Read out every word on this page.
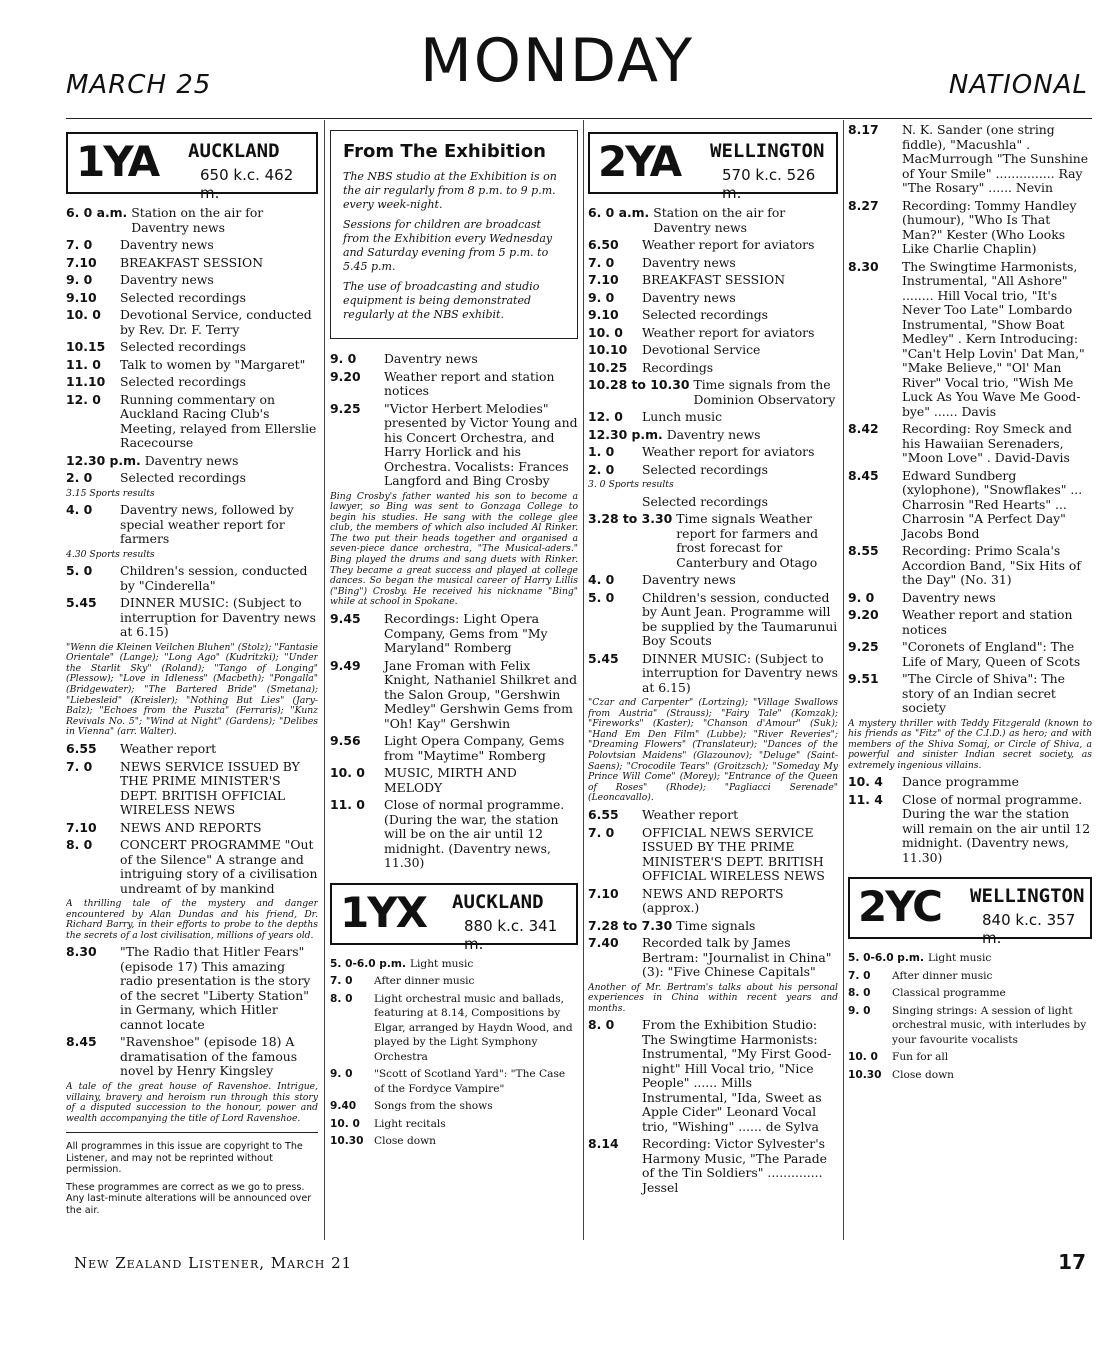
MARCH 25	MONDAY	NATIONAL
1YA AUCKLAND
650 k.c. 462 m.
6. 0 a.m. Station on the air for Daventry news
7. 0	Daventry news
7.10	BREAKFAST SESSION
9. 0	Daventry news
9.10	Selected recordings
10. 0	Devotional Service, conducted by Rev. Dr. F. Terry
10.15	Selected recordings
11. 0	Talk to women by "Margaret"
11.10	Selected recordings
12. 0	Running commentary on Auckland Racing Club's Meeting, relayed from Ellerslie Racecourse
12.30 p.m. Daventry news
2. 0	Selected recordings
3.15 Sports results
4. 0	Daventry news, followed by special weather report for farmers
4.30 Sports results
5. 0	Children's session, conducted by "Cinderella"
5.45	DINNER MUSIC: (Subject to interruption for Daventry news at 6.15)
"Wenn die Kleinen Veilchen Bluhen" (Stolz); "Fantasie Orientale" (Lange); "Long Ago" (Kudritzki); "Under the Starlit Sky" (Roland); "Tango of Longing" (Plessow); "Love in Idleness" (Macbeth); "Pongalla" (Bridgewater); "The Bartered Bride" (Smetana); "Liebesleid" (Kreisler); "Nothing But Lies" (Jary-Balz); "Echoes from the Puszta" (Ferraris); "Kunz Revivals No. 5"; "Wind at Night" (Gardens); "Delibes in Vienna" (arr. Walter).
6.55	Weather report
7. 0	NEWS SERVICE ISSUED BY THE PRIME MINISTER'S DEPT. BRITISH OFFICIAL WIRELESS NEWS
7.10	NEWS AND REPORTS
8. 0	CONCERT PROGRAMME "Out of the Silence" A strange and intriguing story of a civilisation undreamt of by mankind
A thrilling tale of the mystery and danger encountered by Alan Dundas and his friend, Dr. Richard Barry, in their efforts to probe to the depths the secrets of a lost civilisation, millions of years old.
8.30	"The Radio that Hitler Fears" (episode 17) This amazing radio presentation is the story of the secret "Liberty Station" in Germany, which Hitler cannot locate
8.45	"Ravenshoe" (episode 18) A dramatisation of the famous novel by Henry Kingsley
A tale of the great house of Ravenshoe. Intrigue, villainy, bravery and heroism run through this story of a disputed succession to the honour, power and wealth accompanying the title of Lord Ravenshoe.
All programmes in this issue are copyright to The Listener, and may not be reprinted without permission.
These programmes are correct as we go to press. Any last-minute alterations will be announced over the air.
From The Exhibition

The NBS studio at the Exhibition is on the air regularly from 8 p.m. to 9 p.m. every week-night.

Sessions for children are broadcast from the Exhibition every Wednesday and Saturday evening from 5 p.m. to 5.45 p.m.

The use of broadcasting and studio equipment is being demonstrated regularly at the NBS exhibit.

9. 0	Daventry news
9.20	Weather report and station notices
9.25	"Victor Herbert Melodies" presented by Victor Young and his Concert Orchestra, and Harry Horlick and his Orchestra. Vocalists: Frances Langford and Bing Crosby
Bing Crosby's father wanted his son to become a lawyer, so Bing was sent to Gonzaga College to begin his studies. He sang with the college glee club, the members of which also included Al Rinker. The two put their heads together and organised a seven-piece dance orchestra, "The Musical-aders." Bing played the drums and sang duets with Rinker. They became a great success and played at college dances. So began the musical career of Harry Lillis ("Bing") Crosby. He received his nickname "Bing" while at school in Spokane.
9.45	Recordings: Light Opera Company, Gems from "My Maryland" Romberg
9.49	Jane Froman with Felix Knight, Nathaniel Shilkret and the Salon Group, "Gershwin Medley" Gershwin Gems from "Oh! Kay" Gershwin
9.56	Light Opera Company, Gems from "Maytime" Romberg
10. 0	MUSIC, MIRTH AND MELODY
11. 0	Close of normal programme. (During the war, the station will be on the air until 12 midnight. (Daventry news, 11.30)
1YX AUCKLAND
880 k.c. 341 m.
5. 0-6.0 p.m. Light music
7. 0	After dinner music
8. 0	Light orchestral music and ballads, featuring at 8.14, Compositions by Elgar, arranged by Haydn Wood, and played by the Light Symphony Orchestra
9. 0	"Scott of Scotland Yard": "The Case of the Fordyce Vampire"
9.40	Songs from the shows
10. 0	Light recitals
10.30 Close down
2YA WELLINGTON
570 k.c. 526 m.
6. 0 a.m. Station on the air for Daventry news
6.50	Weather report for aviators
7. 0	Daventry news
7.10	BREAKFAST SESSION
9. 0	Daventry news
9.10	Selected recordings
10. 0	Weather report for aviators
10.10	Devotional Service
10.25	Recordings
10.28 to 10.30 Time signals from the Dominion Observatory
12. 0	Lunch music
12.30 p.m. Daventry news
1. 0	Weather report for aviators
2. 0	Selected recordings
3. 0 Sports results
Selected recordings
3.28 to 3.30 Time signals Weather report for farmers and frost forecast for Canterbury and Otago
4. 0	Daventry news
5. 0	Children's session, conducted by Aunt Jean. Programme will be supplied by the Taumarunui Boy Scouts
5.45	DINNER MUSIC: (Subject to interruption for Daventry news at 6.15)
"Czar and Carpenter" (Lortzing); "Village Swallows from Austria" (Strauss); "Fairy Tale" (Komzak); "Fireworks" (Kaster); "Chanson d'Amour" (Suk); "Hand Em Den Film" (Lubbe); "River Reveries"; "Dreaming Flowers" (Translateur); "Dances of the Polovtsian Maidens" (Glazounov); "Deluge" (Saint-Saens); "Crocodile Tears" (Groitzsch); "Someday My Prince Will Come" (Morey); "Entrance of the Queen of Roses" (Rhode); "Pagliacci Serenade" (Leoncavallo).
6.55	Weather report
7. 0	OFFICIAL NEWS SERVICE ISSUED BY THE PRIME MINISTER'S DEPT. BRITISH OFFICIAL WIRELESS NEWS
7.10	NEWS AND REPORTS (approx.)
7.28 to 7.30 Time signals
7.40	Recorded talk by James Bertram: "Journalist in China" (3): "Five Chinese Capitals"
Another of Mr. Bertram's talks about his personal experiences in China within recent years and months.
8. 0	From the Exhibition Studio: The Swingtime Harmonists: Instrumental, "My First Good-night" Hill Vocal trio, "Nice People" ...... Mills Instrumental, "Ida, Sweet as Apple Cider" Leonard Vocal trio, "Wishing" ...... de Sylva
8.14	Recording: Victor Sylvester's Harmony Music, "The Parade of the Tin Soldiers" .............. Jessel
8.17	N. K. Sander (one string fiddle), "Macushla" . MacMurrough "The Sunshine of Your Smile" ............... Ray "The Rosary" ...... Nevin
8.27	Recording: Tommy Handley (humour), "Who Is That Man?" Kester (Who Looks Like Charlie Chaplin)
8.30	The Swingtime Harmonists, Instrumental, "All Ashore" ........ Hill Vocal trio, "It's Never Too Late" Lombardo Instrumental, "Show Boat Medley" . Kern Introducing: "Can't Help Lovin' Dat Man," "Make Believe," "Ol' Man River" Vocal trio, "Wish Me Luck As You Wave Me Good-bye" ...... Davis
8.42	Recording: Roy Smeck and his Hawaiian Serenaders, "Moon Love" . David-Davis
8.45	Edward Sundberg (xylophone), "Snowflakes" ... Charrosin "Red Hearts" ... Charrosin "A Perfect Day" Jacobs Bond
8.55	Recording: Primo Scala's Accordion Band, "Six Hits of the Day" (No. 31)
9. 0	Daventry news
9.20	Weather report and station notices
9.25	"Coronets of England": The Life of Mary, Queen of Scots
9.51	"The Circle of Shiva": The story of an Indian secret society
A mystery thriller with Teddy Fitzgerald (known to his friends as "Fitz" of the C.I.D.) as hero; and with members of the Shiva Somaj, or Circle of Shiva, a powerful and sinister Indian secret society, as extremely ingenious villains.
10. 4	Dance programme
11. 4	Close of normal programme. During the war the station will remain on the air until 12 midnight. (Daventry news, 11.30)
2YC WELLINGTON
840 k.c. 357 m.
5. 0-6.0 p.m. Light music
7. 0	After dinner music
8. 0	Classical programme
9. 0	Singing strings: A session of light orchestral music, with interludes by your favourite vocalists
10. 0	Fun for all
10.30 Close down
New Zealand Listener, March 21	17
